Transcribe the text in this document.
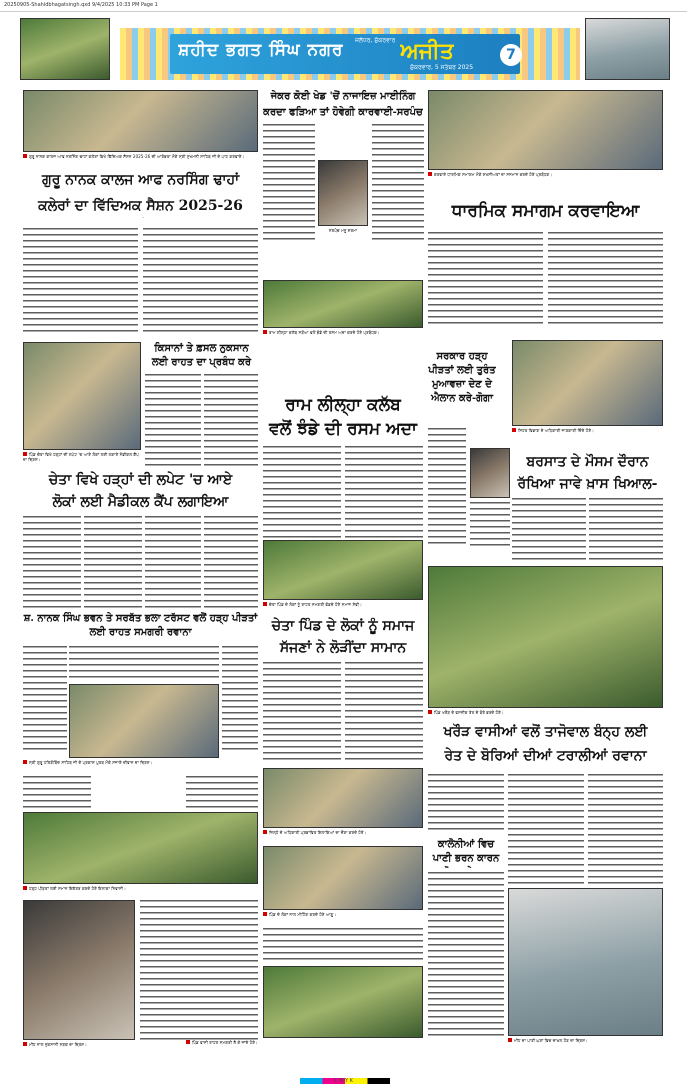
20250905-Shahidbhagatsingh.qxd 9/4/2025 10:33 PM Page 1
ਸ਼ਹੀਦ ਭਗਤ ਸਿੰਘ ਨਗਰ	ਜਲੰਧਰ, ਸ਼ੁੱਕਰਵਾਰ ਅਜੀਤ
ਸ਼ੁੱਕਰਵਾਰ, 5 ਸਤੰਬਰ 2025
7
ਗੁਰੂ ਨਾਨਕ ਕਾਲਜ ਆਫ ਨਰਸਿੰਗ ਢਾਹਾਂ ਕਲੇਰਾਂ ਵਿਖੇ ਵਿੱਦਿਅਕ ਸੈਸ਼ਨ 2025-26 ਦੀ ਆਰੰਭਤਾ ਮੌਕੇ ਸ੍ਰੀ ਸੁਖਮਨੀ ਸਾਹਿਬ ਜੀ ਦੇ ਪਾਠ ਕਰਵਾਏ।
ਗੁਰੂ ਨਾਨਕ ਕਾਲਜ ਆਫ ਨਰਸਿੰਗ ਢਾਹਾਂ
ਕਲੇਰਾਂ ਦਾ ਵਿੱਦਿਅਕ ਸੈਸ਼ਨ 2025-26
ਜੇਕਰ ਕੋਈ ਖੇਡ 'ਚੋਂ ਨਾਜਾਇਜ਼ ਮਾਈਨਿੰਗ
ਕਰਦਾ ਫੜਿਆ ਤਾਂ ਹੋਵੇਗੀ ਕਾਰਵਾਈ-ਸਰਪੰਚ
ਸਰਪੰਚ ਮਨੂ ਸ਼ਰਮਾ
ਕਰਵਾਏ ਧਾਰਮਿਕ ਸਮਾਗਮ ਮੌਕੇ ਸ਼ਖਸੀਅਤਾਂ ਦਾ ਸਨਮਾਨ ਕਰਦੇ ਹੋਏ ਪ੍ਰਬੰਧਕ।
ਧਾਰਮਿਕ ਸਮਾਗਮ ਕਰਵਾਇਆ
ਪਿੰਡ ਚੇਤਾ ਵਿਖੇ ਹੜ੍ਹਾਂ ਦੀ ਲਪੇਟ 'ਚ ਆਏ ਲੋਕਾਂ ਲਈ ਲਗਾਏ ਮੈਡੀਕਲ ਕੈਂਪ ਦਾ ਦ੍ਰਿਸ਼।
ਕਿਸਾਨਾਂ ਤੇ ਫ਼ਸਲ ਨੁਕਸਾਨ ਲਈ ਰਾਹਤ ਦਾ ਪ੍ਰਬੰਧ ਕਰੇ
ਚੇਤਾ ਵਿਖੇ ਹੜ੍ਹਾਂ ਦੀ ਲਪੇਟ 'ਚ ਆਏ
ਲੋਕਾਂ ਲਈ ਮੈਡੀਕਲ ਕੈਂਪ ਲਗਾਇਆ
ਰਾਮ ਲੀਲ੍ਹਾ ਕਲੱਬ ਸੜੋਆ ਵਲੋਂ ਝੰਡੇ ਦੀ ਰਸਮ ਅਦਾ ਕਰਦੇ ਹੋਏ ਪ੍ਰਬੰਧਕ।
ਰਾਮ ਲੀਲ੍ਹਾ ਕਲੱਬ
ਵਲੋਂ ਝੰਡੇ ਦੀ ਰਸਮ ਅਦਾ
ਸਰਕਾਰ ਹੜ੍ਹ ਪੀੜਤਾਂ ਲਈ ਤੁਰੰਤ ਮੁਆਵਜ਼ਾ ਦੇਣ ਦੇ ਐਲਾਨ ਕਰੇ-ਗੋਗਾ
ਸਿਹਤ ਵਿਭਾਗ ਦੇ ਅਧਿਕਾਰੀ ਜਾਣਕਾਰੀ ਦਿੰਦੇ ਹੋਏ।
ਬਰਸਾਤ ਦੇ ਮੌਸਮ ਦੌਰਾਨ
ਰੱਖਿਆ ਜਾਵੇ ਖ਼ਾਸ ਖਿਆਲ-
ਸ਼. ਨਾਨਕ ਸਿੰਘ ਭਵਨ ਤੇ ਸਰਬੱਤ ਭਲਾ ਟਰੱਸਟ ਵਲੋਂ ਹੜ੍ਹ ਪੀੜਤਾਂ ਲਈ ਰਾਹਤ ਸਮਗਰੀ ਰਵਾਨਾ
ਸ੍ਰੀ ਗੁਰੂ ਹਰਿਗੋਬਿੰਦ ਸਾਹਿਬ ਜੀ ਦੇ ਪ੍ਰਕਾਸ਼ ਪੁਰਬ ਮੌਕੇ ਸਜਾਏ ਦੀਵਾਨ ਦਾ ਦ੍ਰਿਸ਼।
ਚੇਤਾ ਪਿੰਡ ਦੇ ਲੋਕਾਂ ਨੂੰ ਰਾਹਤ ਸਮਗਰੀ ਵੰਡਦੇ ਹੋਏ ਸਮਾਜ ਸੇਵੀ।
ਚੇਤਾ ਪਿੰਡ ਦੇ ਲੋਕਾਂ ਨੂੰ ਸਮਾਜ
ਸੱਜਣਾਂ ਨੇ ਲੋੜੀਂਦਾ ਸਾਮਾਨ
ਪਿੰਡ ਖਰੌੜ ਦੇ ਵਸਨੀਕ ਰੇਤ ਦੇ ਬੋਰੇ ਭਰਦੇ ਹੋਏ।
ਖਰੌੜ ਵਾਸੀਆਂ ਵਲੋਂ ਤਾਜੋਵਾਲ ਬੰਨ੍ਹ ਲਈ
ਰੇਤ ਦੇ ਬੋਰਿਆਂ ਦੀਆਂ ਟਰਾਲੀਆਂ ਰਵਾਨਾ
ਜ਼ਿਲ੍ਹੇ ਦੇ ਅਧਿਕਾਰੀ ਪ੍ਰਭਾਵਿਤ ਇਲਾਕਿਆਂ ਦਾ ਦੌਰਾ ਕਰਦੇ ਹੋਏ।
ਕਾਲੋਨੀਆਂ ਵਿਚ ਪਾਣੀ ਭਰਨ ਕਾਰਨ
ਮੀਂਹ ਦਾ ਪਾਣੀ ਘਰਾਂ ਵਿਚ ਦਾਖ਼ਲ ਹੋਣ ਦਾ ਦ੍ਰਿਸ਼।
ਹੜ੍ਹ ਪੀੜਤਾਂ ਲਈ ਸਮਾਨ ਇਕੱਤਰ ਕਰਦੇ ਹੋਏ ਇਲਾਕਾ ਨਿਵਾਸੀ।
ਮੀਂਹ ਨਾਲ ਨੁਕਸਾਨੀ ਸੜਕ ਦਾ ਦ੍ਰਿਸ਼।
ਪਿੰਡ ਦੇ ਲੋਕਾਂ ਨਾਲ ਮੀਟਿੰਗ ਕਰਦੇ ਹੋਏ ਆਗੂ।
ਪਿੰਡ ਵਾਸੀ ਰਾਹਤ ਸਮਗਰੀ ਲੈ ਕੇ ਜਾਂਦੇ ਹੋਏ।
C M Y K
